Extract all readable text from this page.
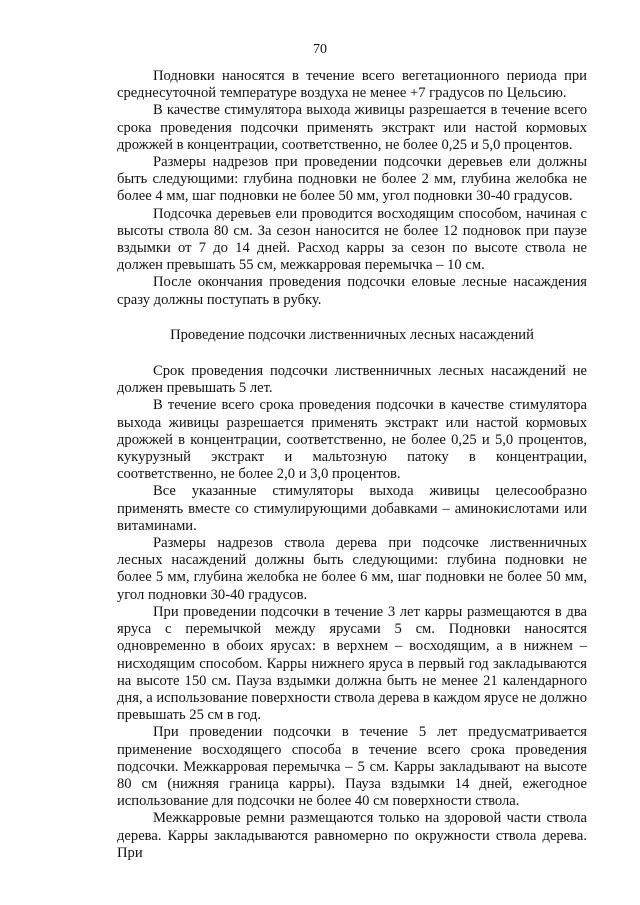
70

Подновки наносятся в течение всего вегетационного периода при среднесуточной температуре воздуха не менее +7 градусов по Цельсию.

В качестве стимулятора выхода живицы разрешается в течение всего срока проведения подсочки применять экстракт или настой кормовых дрожжей в концентрации, соответственно, не более 0,25 и 5,0 процентов.

Размеры надрезов при проведении подсочки деревьев ели должны быть следующими: глубина подновки не более 2 мм, глубина желобка не более 4 мм, шаг подновки не более 50 мм, угол подновки 30-40 градусов.

Подсочка деревьев ели проводится восходящим способом, начиная с высоты ствола 80 см. За сезон наносится не более 12 подновок при паузе вздымки от 7 до 14 дней. Расход карры за сезон по высоте ствола не должен превышать 55 см, межкарровая перемычка – 10 см.

После окончания проведения подсочки еловые лесные насаждения сразу должны поступать в рубку.

Проведение подсочки лиственничных лесных насаждений

Срок проведения подсочки лиственничных лесных насаждений не должен превышать 5 лет.

В течение всего срока проведения подсочки в качестве стимулятора выхода живицы разрешается применять экстракт или настой кормовых дрожжей в концентрации, соответственно, не более 0,25 и 5,0 процентов, кукурузный экстракт и мальтозную патоку в концентрации, соответственно, не более 2,0 и 3,0 процентов.

Все указанные стимуляторы выхода живицы целесообразно применять вместе со стимулирующими добавками – аминокислотами или витаминами.

Размеры надрезов ствола дерева при подсочке лиственничных лесных насаждений должны быть следующими: глубина подновки не более 5 мм, глубина желобка не более 6 мм, шаг подновки не более 50 мм, угол подновки 30-40 градусов.

При проведении подсочки в течение 3 лет карры размещаются в два яруса с перемычкой между ярусами 5 см. Подновки наносятся одновременно в обоих ярусах: в верхнем – восходящим, а в нижнем – нисходящим способом. Карры нижнего яруса в первый год закладываются на высоте 150 см. Пауза вздымки должна быть не менее 21 календарного дня, а использование поверхности ствола дерева в каждом ярусе не должно превышать 25 см в год.

При проведении подсочки в течение 5 лет предусматривается применение восходящего способа в течение всего срока проведения подсочки. Межкарровая перемычка – 5 см. Карры закладывают на высоте 80 см (нижняя граница карры). Пауза вздымки 14 дней, ежегодное использование для подсочки не более 40 см поверхности ствола.

Межкарровые ремни размещаются только на здоровой части ствола дерева. Карры закладываются равномерно по окружности ствола дерева. При
